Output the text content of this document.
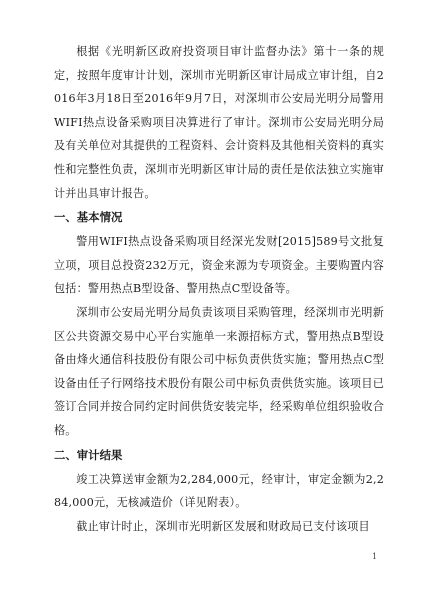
根据《光明新区政府投资项目审计监督办法》第十一条的规定，按照年度审计计划，深圳市光明新区审计局成立审计组，自2016年3月18日至2016年9月7日，对深圳市公安局光明分局警用WIFI热点设备采购项目决算进行了审计。深圳市公安局光明分局及有关单位对其提供的工程资料、会计资料及其他相关资料的真实性和完整性负责，深圳市光明新区审计局的责任是依法独立实施审计并出具审计报告。

一、基本情况

警用WIFI热点设备采购项目经深光发财[2015]589号文批复立项，项目总投资232万元，资金来源为专项资金。主要购置内容包括：警用热点B型设备、警用热点C型设备等。

深圳市公安局光明分局负责该项目采购管理，经深圳市光明新区公共资源交易中心平台实施单一来源招标方式，警用热点B型设备由烽火通信科技股份有限公司中标负责供货实施；警用热点C型设备由任子行网络技术股份有限公司中标负责供货实施。该项目已签订合同并按合同约定时间供货安装完毕，经采购单位组织验收合格。

二、审计结果

竣工决算送审金额为2,284,000元，经审计，审定金额为2,284,000元，无核减造价（详见附表）。

截止审计时止，深圳市光明新区发展和财政局已支付该项目

1
